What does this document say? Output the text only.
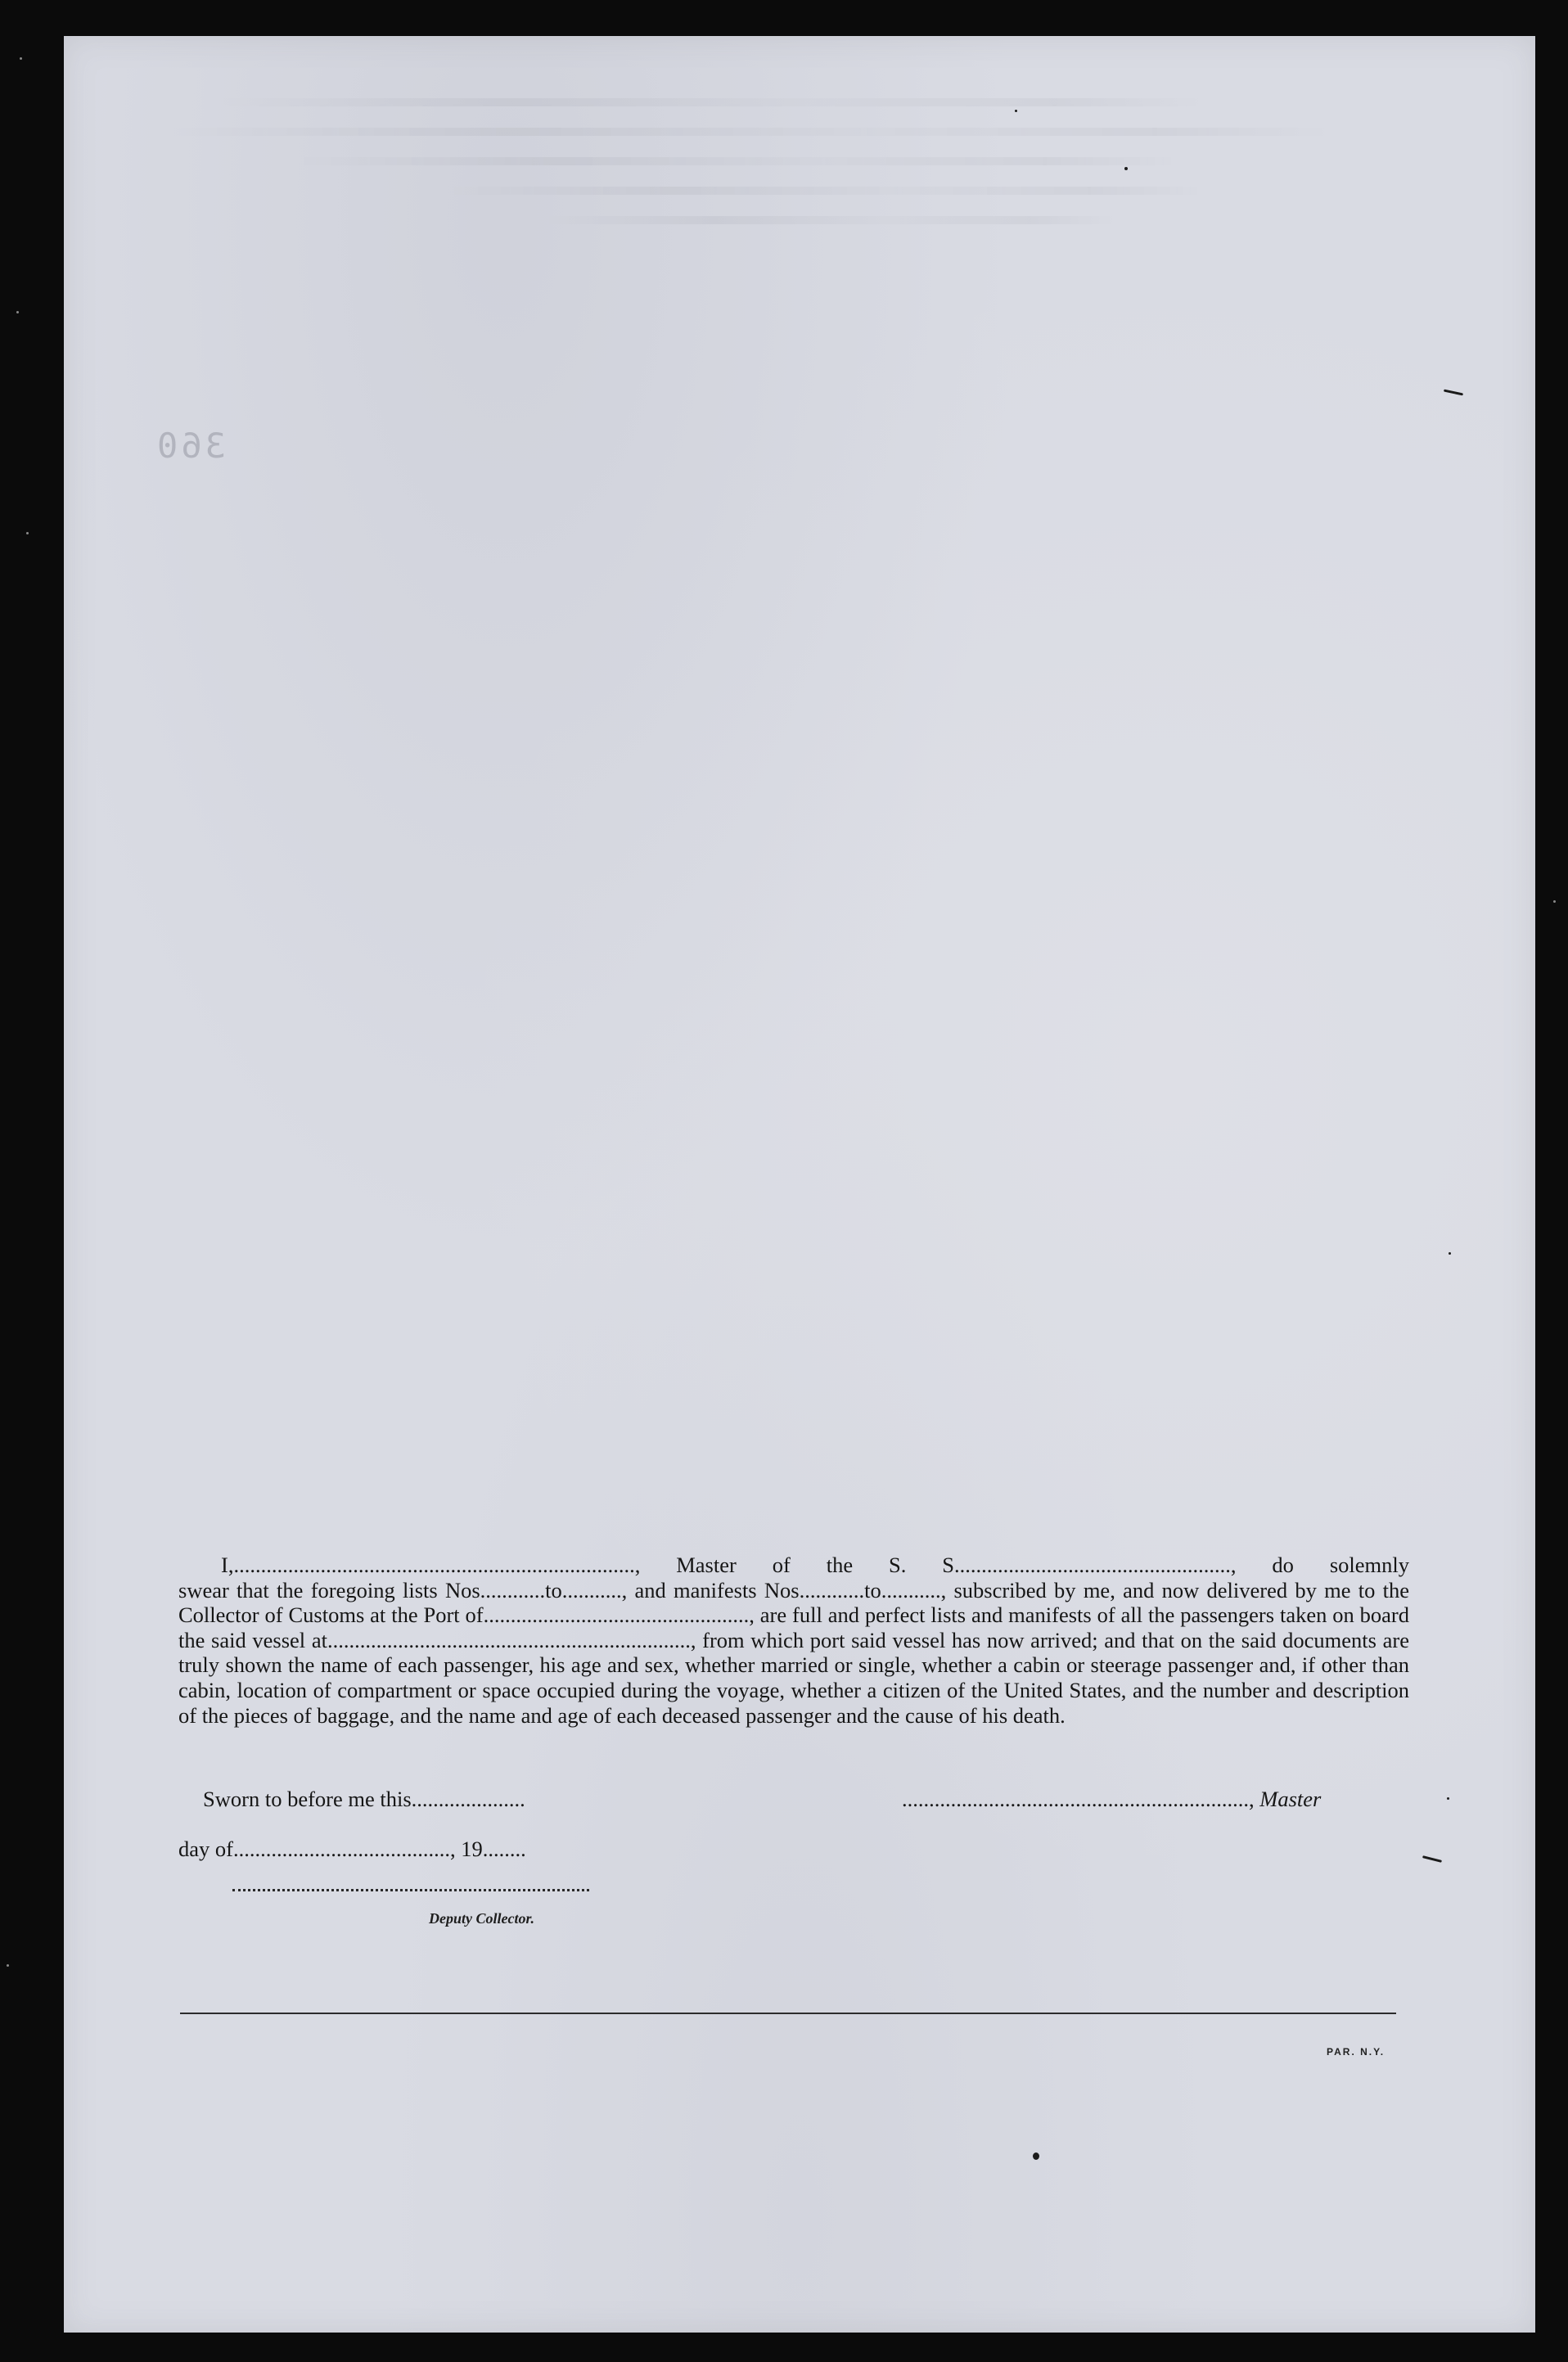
360
I,.........................................................................., Master of the S. S..................................................., do solemnly
swear that the foregoing lists Nos............to..........., and manifests Nos............to..........., subscribed by me, and now delivered by me to the Collector of Customs at the Port of................................................., are full and perfect lists and manifests of all the passengers taken on board the said vessel at..................................................................., from which port said vessel has now arrived; and that on the said documents are truly shown the name of each passenger, his age and sex, whether married or single, whether a cabin or steerage passenger and, if other than cabin, location of compartment or space occupied during the voyage, whether a citizen of the United States, and the number and description of the pieces of baggage, and the name and age of each deceased passenger and the cause of his death.
Sworn to before me this.....................	................................................................, Master
day of........................................, 19........
Deputy Collector.
PAR. N.Y.
